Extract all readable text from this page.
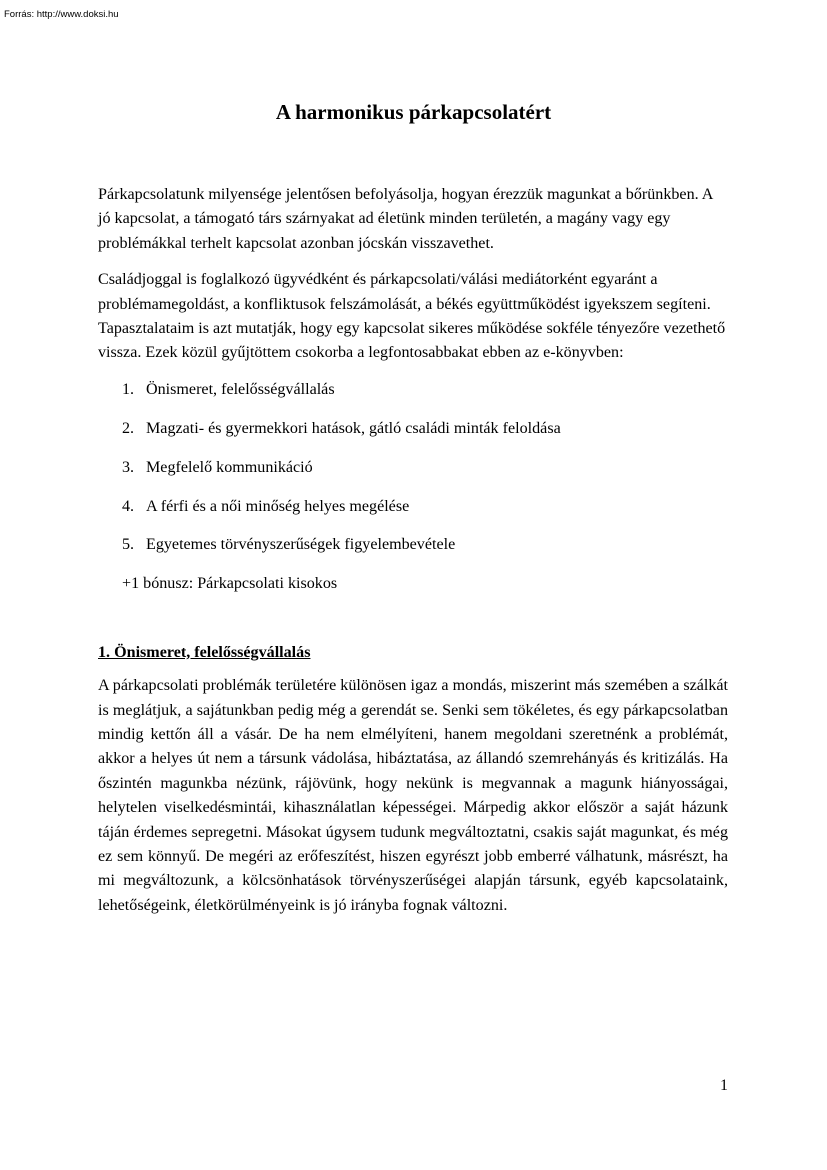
Forrás: http://www.doksi.hu
A harmonikus párkapcsolatért

Párkapcsolatunk milyensége jelentősen befolyásolja, hogyan érezzük magunkat a bőrünkben. A jó kapcsolat, a támogató társ szárnyakat ad életünk minden területén, a magány vagy egy problémákkal terhelt kapcsolat azonban jócskán visszavethet.

Családjoggal is foglalkozó ügyvédként és párkapcsolati/válási mediátorként egyaránt a problémamegoldást, a konfliktusok felszámolását, a békés együttműködést igyekszem segíteni. Tapasztalataim is azt mutatják, hogy egy kapcsolat sikeres működése sokféle tényezőre vezethető vissza. Ezek közül gyűjtöttem csokorba a legfontosabbakat ebben az e-könyvben:

1. Önismeret, felelősségvállalás
2. Magzati- és gyermekkori hatások, gátló családi minták feloldása
3. Megfelelő kommunikáció
4. A férfi és a női minőség helyes megélése
5. Egyetemes törvényszerűségek figyelembevétele
+1 bónusz: Párkapcsolati kisokos
1. Önismeret, felelősségvállalás

A párkapcsolati problémák területére különösen igaz a mondás, miszerint más szemében a szálkát is meglátjuk, a sajátunkban pedig még a gerendát se. Senki sem tökéletes, és egy párkapcsolatban mindig kettőn áll a vásár. De ha nem elmélyíteni, hanem megoldani szeretnénk a problémát, akkor a helyes út nem a társunk vádolása, hibáztatása, az állandó szemrehányás és kritizálás. Ha őszintén magunkba nézünk, rájövünk, hogy nekünk is megvannak a magunk hiányosságai, helytelen viselkedésmintái, kihasználatlan képességei. Márpedig akkor először a saját házunk táján érdemes sepregetni. Másokat úgysem tudunk megváltoztatni, csakis saját magunkat, és még ez sem könnyű. De megéri az erőfeszítést, hiszen egyrészt jobb emberré válhatunk, másrészt, ha mi megváltozunk, a kölcsönhatások törvényszerűségei alapján társunk, egyéb kapcsolataink, lehetőségeink, életkörülményeink is jó irányba fognak változni.

1
